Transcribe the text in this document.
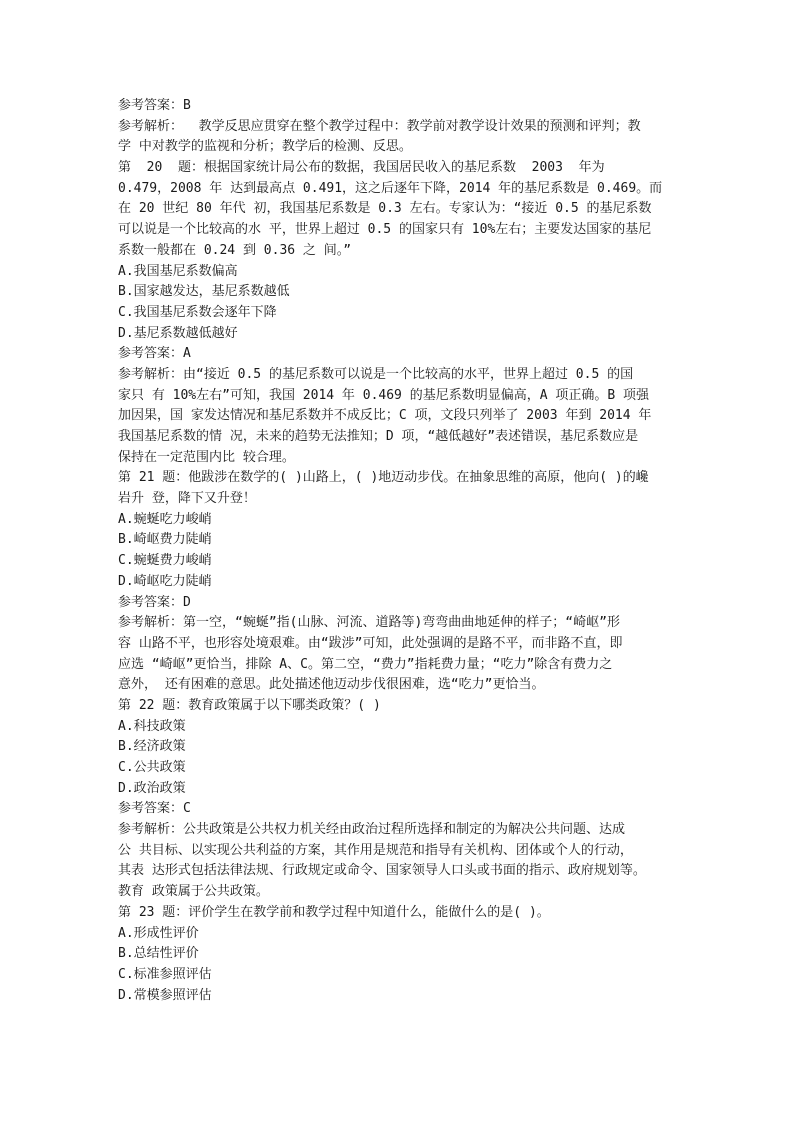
参考答案：B
参考解析：  教学反思应贯穿在整个教学过程中：教学前对教学设计效果的预测和评判；教
学 中对教学的监视和分析；教学后的检测、反思。
第  20  题：根据国家统计局公布的数据，我国居民收入的基尼系数  2003  年为
0.479，2008 年 达到最高点 0.491，这之后逐年下降，2014 年的基尼系数是 0.469。而
在 20 世纪 80 年代 初，我国基尼系数是 0.3 左右。专家认为：“接近 0.5 的基尼系数
可以说是一个比较高的水 平，世界上超过 0.5 的国家只有 10%左右；主要发达国家的基尼
系数一般都在 0.24 到 0.36 之 间。”
A.我国基尼系数偏高
B.国家越发达，基尼系数越低
C.我国基尼系数会逐年下降
D.基尼系数越低越好
参考答案：A
参考解析：由“接近 0.5 的基尼系数可以说是一个比较高的水平，世界上超过 0.5 的国
家只 有 10%左右”可知，我国 2014 年 0.469 的基尼系数明显偏高，A 项正确。B 项强
加因果，国 家发达情况和基尼系数并不成反比；C 项，文段只列举了 2003 年到 2014 年
我国基尼系数的情 况，未来的趋势无法推知；D 项，“越低越好”表述错误，基尼系数应是
保持在一定范围内比 较合理。
第 21 题：他跋涉在数学的( )山路上，( )地迈动步伐。在抽象思维的高原，他向( )的巉
岩升 登，降下又升登！
A.蜿蜒吃力峻峭
B.崎岖费力陡峭
C.蜿蜒费力峻峭
D.崎岖吃力陡峭
参考答案：D
参考解析：第一空，“蜿蜒”指(山脉、河流、道路等)弯弯曲曲地延伸的样子；“崎岖”形
容 山路不平，也形容处境艰难。由“跋涉”可知，此处强调的是路不平，而非路不直，即
应选 “崎岖”更恰当，排除 A、C。第二空，“费力”指耗费力量；“吃力”除含有费力之
意外， 还有困难的意思。此处描述他迈动步伐很困难，选“吃力”更恰当。
第 22 题：教育政策属于以下哪类政策？( )
A.科技政策
B.经济政策
C.公共政策
D.政治政策
参考答案：C
参考解析：公共政策是公共权力机关经由政治过程所选择和制定的为解决公共问题、达成
公 共目标、以实现公共利益的方案，其作用是规范和指导有关机构、团体或个人的行动，
其表 达形式包括法律法规、行政规定或命令、国家领导人口头或书面的指示、政府规划等。
教育 政策属于公共政策。
第 23 题：评价学生在教学前和教学过程中知道什么，能做什么的是( )。
A.形成性评价
B.总结性评价
C.标准参照评估
D.常模参照评估
